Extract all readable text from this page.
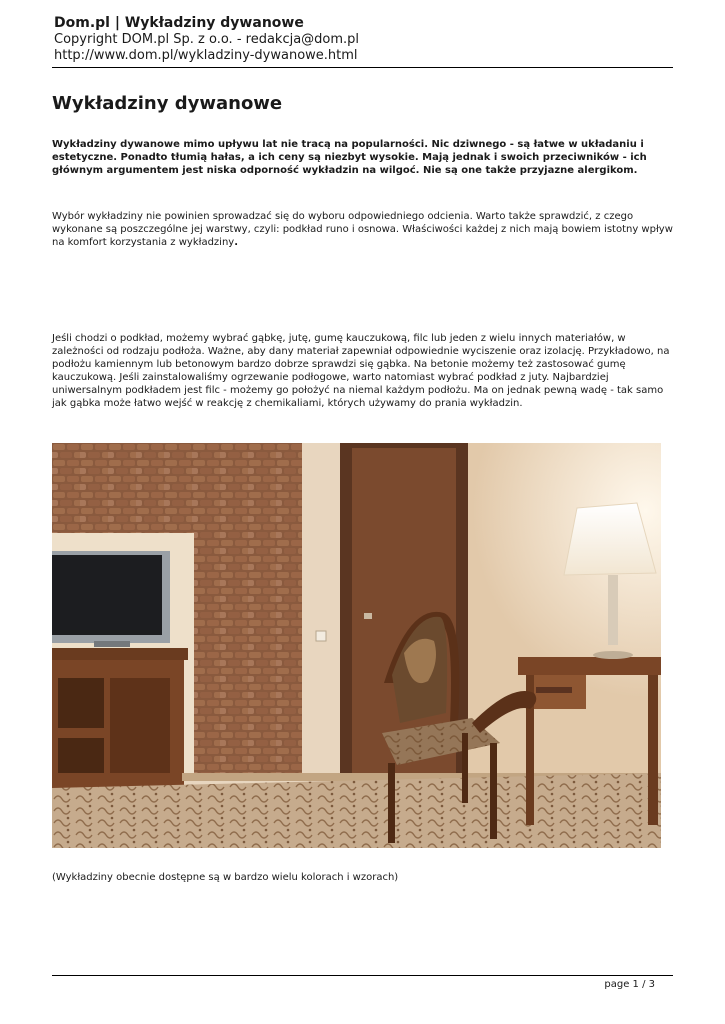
Dom.pl | Wykładziny dywanowe
Copyright DOM.pl Sp. z o.o. - redakcja@dom.pl
http://www.dom.pl/wykladziny-dywanowe.html
Wykładziny dywanowe

Wykładziny dywanowe mimo upływu lat nie tracą na popularności. Nic dziwnego - są łatwe w układaniu i estetyczne. Ponadto tłumią hałas, a ich ceny są niezbyt wysokie. Mają jednak i swoich przeciwników - ich głównym argumentem jest niska odporność wykładzin na wilgoć. Nie są one także przyjazne alergikom.

Wybór wykładziny nie powinien sprowadzać się do wyboru odpowiedniego odcienia. Warto także sprawdzić, z czego wykonane są poszczególne jej warstwy, czyli: podkład runo i osnowa. Właściwości każdej z nich mają bowiem istotny wpływ na komfort korzystania z wykładziny.

Jeśli chodzi o podkład, możemy wybrać gąbkę, jutę, gumę kauczukową, filc lub jeden z wielu innych materiałów, w zależności od rodzaju podłoża. Ważne, aby dany materiał zapewniał odpowiednie wyciszenie oraz izolację. Przykładowo, na podłożu kamiennym lub betonowym bardzo dobrze sprawdzi się gąbka. Na betonie możemy też zastosować gumę kauczukową. Jeśli zainstalowaliśmy ogrzewanie podłogowe, warto natomiast wybrać podkład z juty. Najbardziej uniwersalnym podkładem jest filc - możemy go położyć na niemal każdym podłożu. Ma on jednak pewną wadę - tak samo jak gąbka może łatwo wejść w reakcję z chemikaliami, których używamy do prania wykładzin.

(Wykładziny obecnie dostępne są w bardzo wielu kolorach i wzorach)

page 1 / 3
